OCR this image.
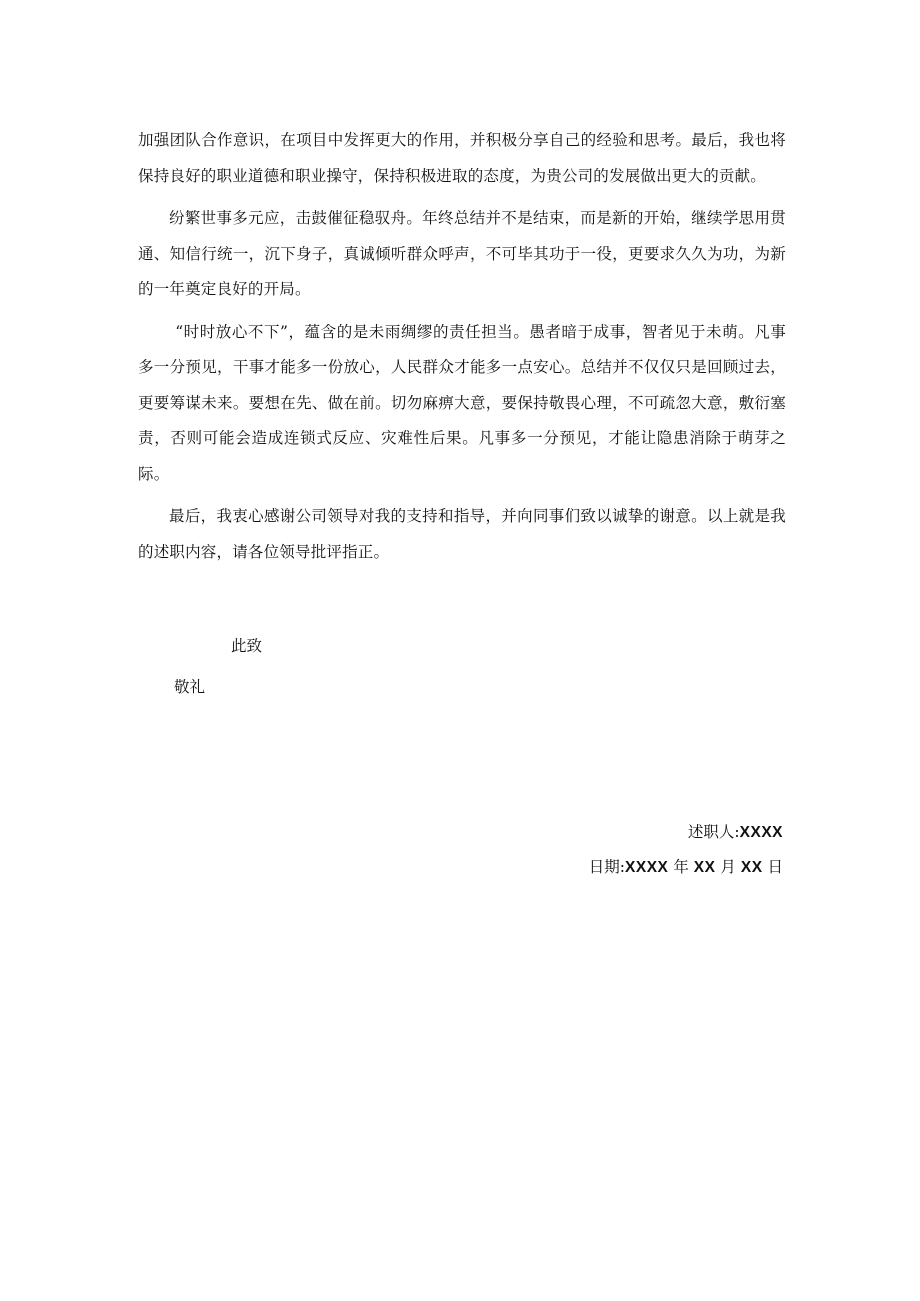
加强团队合作意识，在项目中发挥更大的作用，并积极分享自己的经验和思考。最后，我也将保持良好的职业道德和职业操守，保持积极进取的态度，为贵公司的发展做出更大的贡献。

纷繁世事多元应，击鼓催征稳驭舟。年终总结并不是结束，而是新的开始，继续学思用贯通、知信行统一，沉下身子，真诚倾听群众呼声，不可毕其功于一役，更要求久久为功，为新的一年奠定良好的开局。

“时时放心不下”，蕴含的是未雨绸缪的责任担当。愚者暗于成事，智者见于未萌。凡事多一分预见，干事才能多一份放心，人民群众才能多一点安心。总结并不仅仅只是回顾过去，更要筹谋未来。要想在先、做在前。切勿麻痹大意，要保持敬畏心理，不可疏忽大意，敷衍塞责，否则可能会造成连锁式反应、灾难性后果。凡事多一分预见，才能让隐患消除于萌芽之际。

最后，我衷心感谢公司领导对我的支持和指导，并向同事们致以诚挚的谢意。以上就是我的述职内容，请各位领导批评指正。

此致

敬礼

述职人:XXXX

日期:XXXX 年 XX 月 XX 日
